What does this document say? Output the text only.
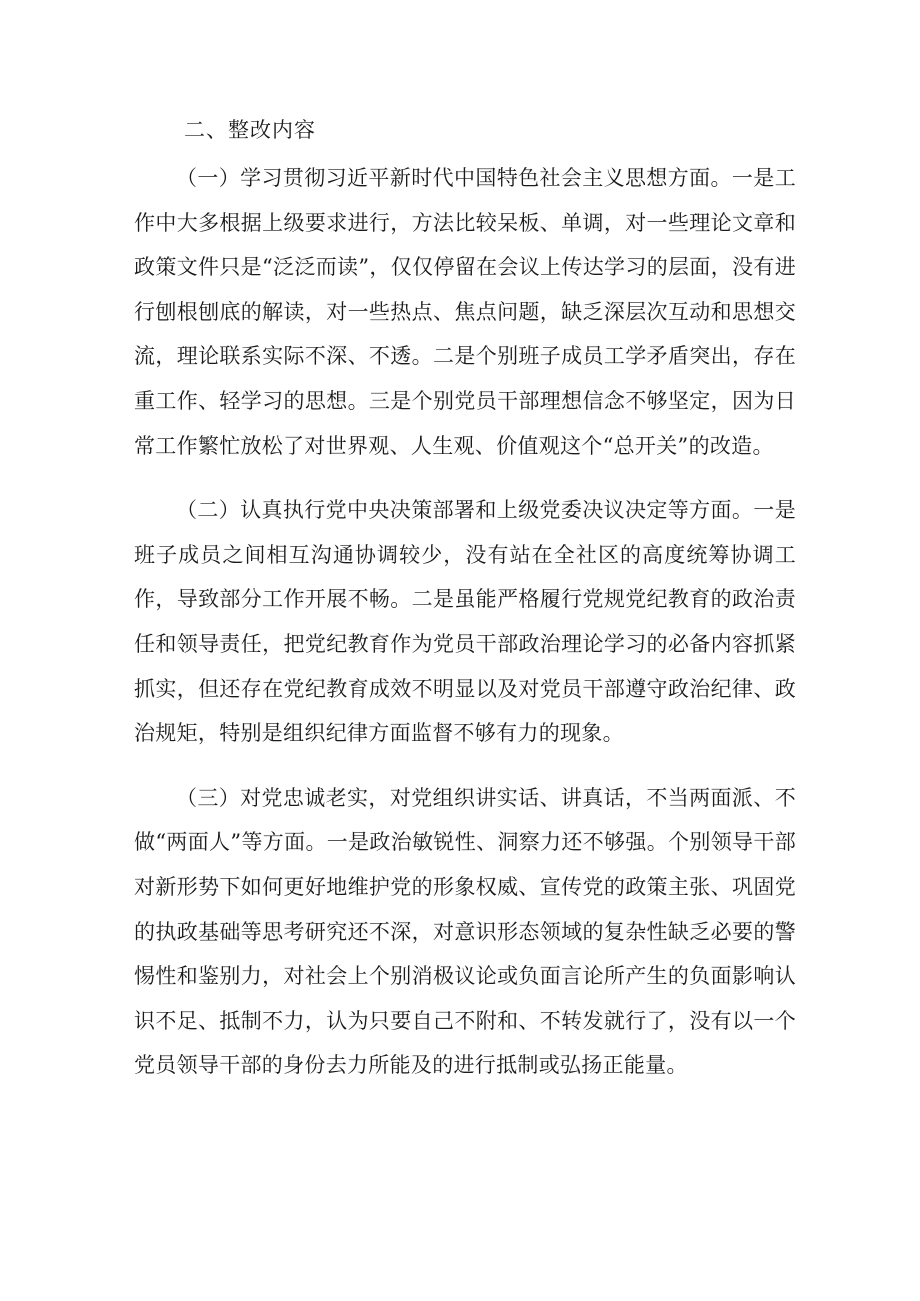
二、整改内容

（一）学习贯彻习近平新时代中国特色社会主义思想方面。一是工作中大多根据上级要求进行，方法比较呆板、单调，对一些理论文章和政策文件只是“泛泛而读”，仅仅停留在会议上传达学习的层面，没有进行刨根刨底的解读，对一些热点、焦点问题，缺乏深层次互动和思想交流，理论联系实际不深、不透。二是个别班子成员工学矛盾突出，存在重工作、轻学习的思想。三是个别党员干部理想信念不够坚定，因为日常工作繁忙放松了对世界观、人生观、价值观这个“总开关”的改造。

（二）认真执行党中央决策部署和上级党委决议决定等方面。一是班子成员之间相互沟通协调较少，没有站在全社区的高度统筹协调工作，导致部分工作开展不畅。二是虽能严格履行党规党纪教育的政治责任和领导责任，把党纪教育作为党员干部政治理论学习的必备内容抓紧抓实，但还存在党纪教育成效不明显以及对党员干部遵守政治纪律、政治规矩，特别是组织纪律方面监督不够有力的现象。

（三）对党忠诚老实，对党组织讲实话、讲真话，不当两面派、不做“两面人”等方面。一是政治敏锐性、洞察力还不够强。个别领导干部对新形势下如何更好地维护党的形象权威、宣传党的政策主张、巩固党的执政基础等思考研究还不深，对意识形态领域的复杂性缺乏必要的警惕性和鉴别力，对社会上个别消极议论或负面言论所产生的负面影响认识不足、抵制不力，认为只要自己不附和、不转发就行了，没有以一个党员领导干部的身份去力所能及的进行抵制或弘扬正能量。
